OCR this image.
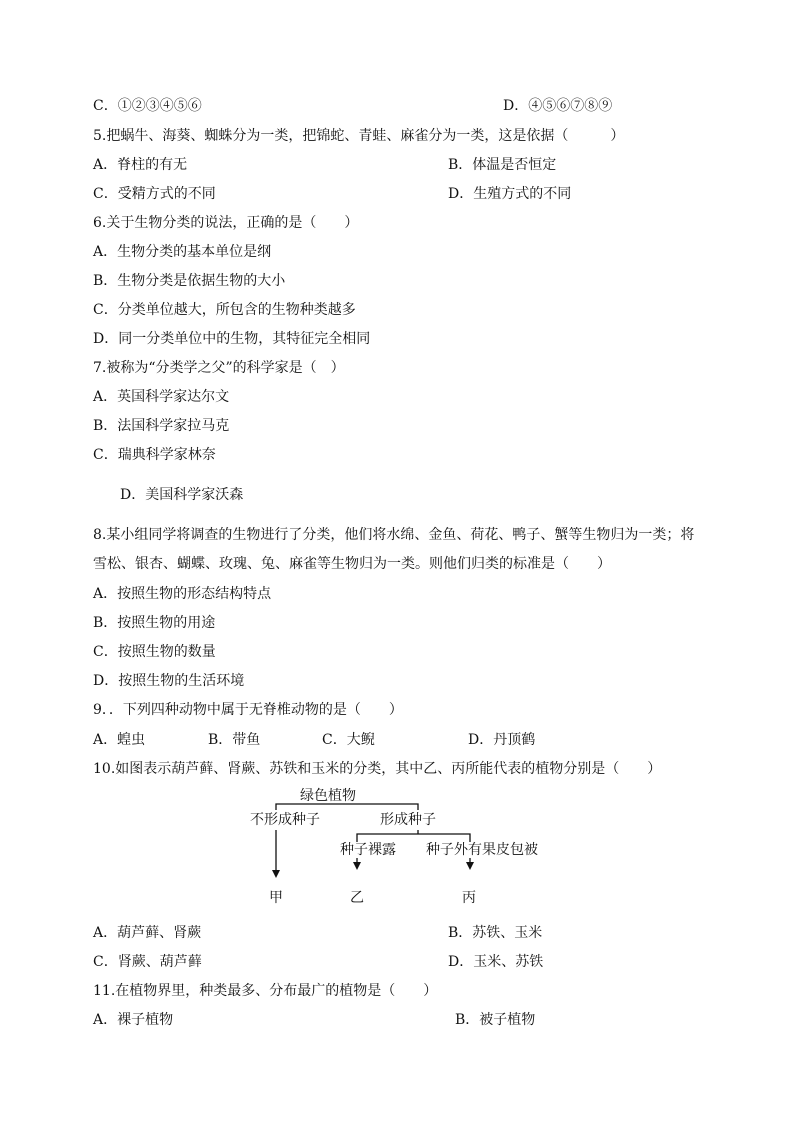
C．①②③④⑤⑥	D．④⑤⑥⑦⑧⑨
5.把蜗牛、海葵、蜘蛛分为一类，把锦蛇、青蛙、麻雀分为一类，这是依据（　　　）
A．脊柱的有无	B．体温是否恒定
C．受精方式的不同	D．生殖方式的不同
6.关于生物分类的说法，正确的是（　　）
A．生物分类的基本单位是纲
B．生物分类是依据生物的大小
C．分类单位越大，所包含的生物种类越多
D．同一分类单位中的生物，其特征完全相同
7.被称为“分类学之父”的科学家是（　）
A．英国科学家达尔文
B．法国科学家拉马克
C．瑞典科学家林奈
D．美国科学家沃森
8.某小组同学将调查的生物进行了分类，他们将水绵、金鱼、荷花、鸭子、蟹等生物归为一类；将
雪松、银杏、蝴蝶、玫瑰、兔、麻雀等生物归为一类。则他们归类的标准是（　　）
A．按照生物的形态结构特点
B．按照生物的用途
C．按照生物的数量
D．按照生物的生活环境
9．．下列四种动物中属于无脊椎动物的是（　　）
A．蝗虫	B．带鱼	C．大鲵	D．丹顶鹤
10.如图表示葫芦藓、肾蕨、苏铁和玉米的分类，其中乙、丙所能代表的植物分别是（　　）
绿色植物
不形成种子	形成种子
种子裸露 种子外有果皮包被
甲	乙	丙
A．葫芦藓、肾蕨	B．苏铁、玉米
C．肾蕨、葫芦藓	D．玉米、苏铁
11.在植物界里，种类最多、分布最广的植物是（　　）
A．裸子植物	B．被子植物
